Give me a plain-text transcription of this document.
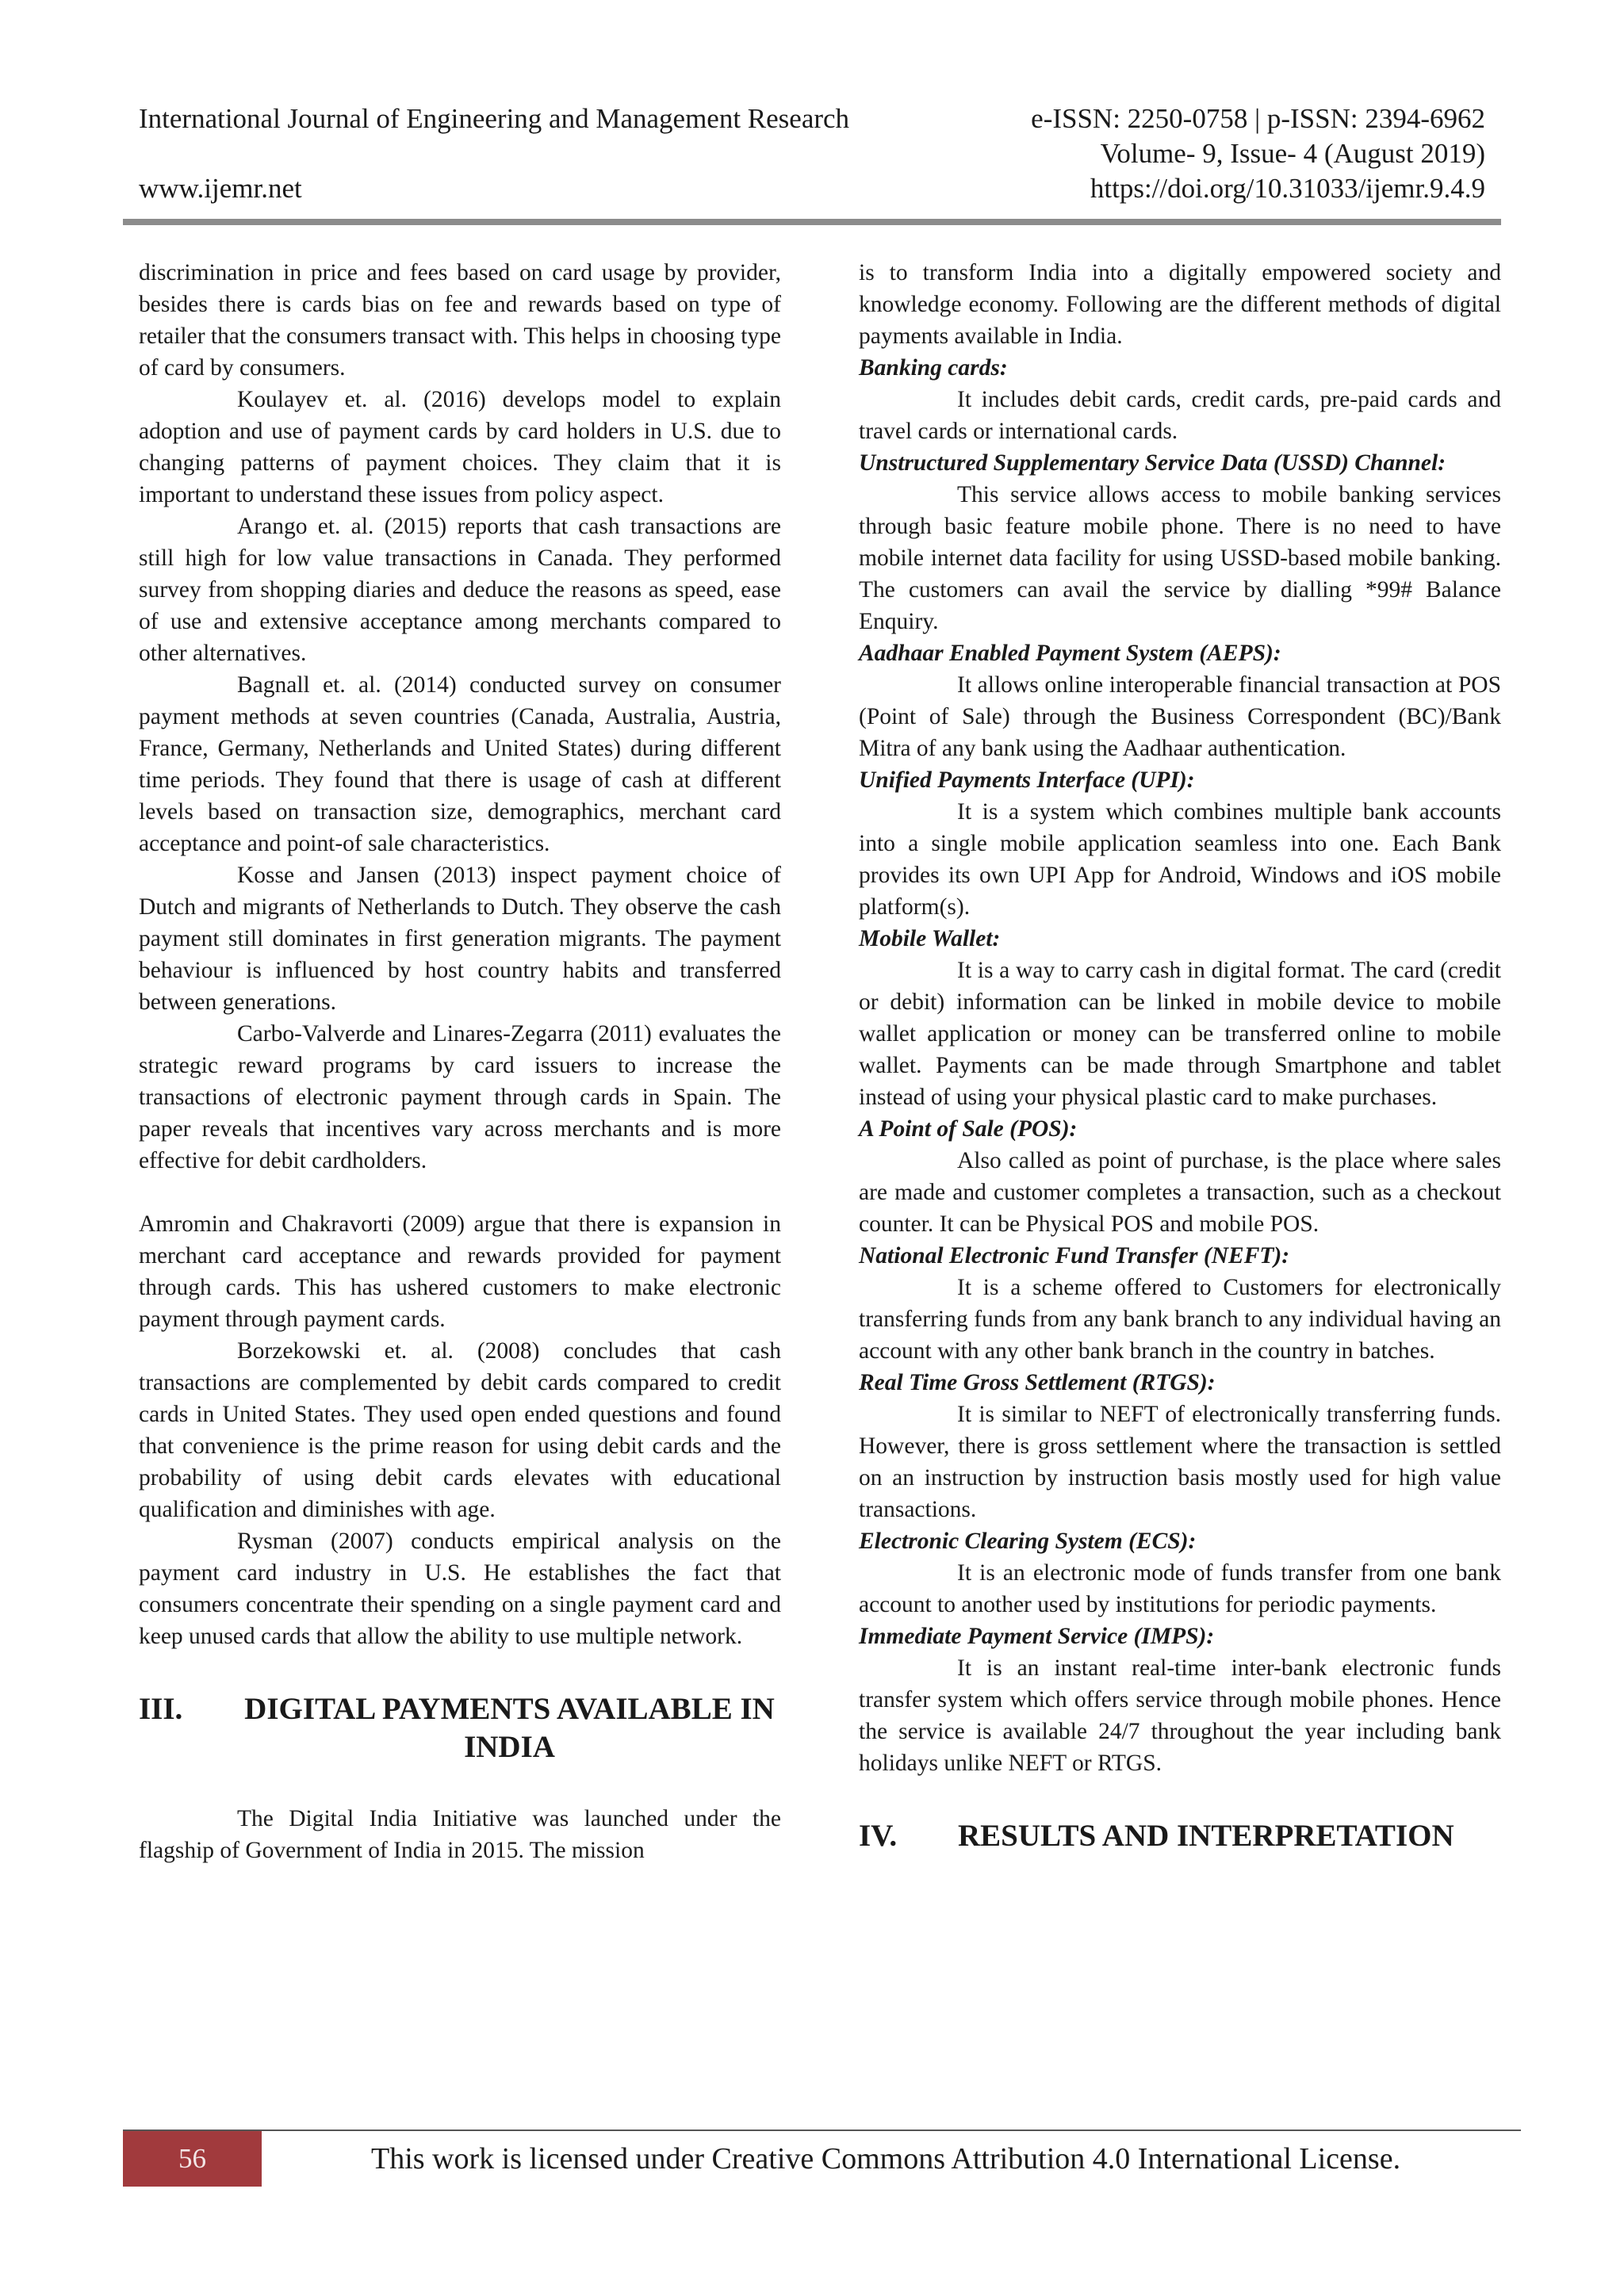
International Journal of Engineering and Management Research	e-ISSN: 2250-0758 | p-ISSN: 2394-6962
Volume- 9, Issue- 4 (August 2019)
www.ijemr.net	https://doi.org/10.31033/ijemr.9.4.9

discrimination in price and fees based on card usage by provider, besides there is cards bias on fee and rewards based on type of retailer that the consumers transact with. This helps in choosing type of card by consumers.

Koulayev et. al. (2016) develops model to explain adoption and use of payment cards by card holders in U.S. due to changing patterns of payment choices. They claim that it is important to understand these issues from policy aspect.

Arango et. al. (2015) reports that cash transactions are still high for low value transactions in Canada. They performed survey from shopping diaries and deduce the reasons as speed, ease of use and extensive acceptance among merchants compared to other alternatives.

Bagnall et. al. (2014) conducted survey on consumer payment methods at seven countries (Canada, Australia, Austria, France, Germany, Netherlands and United States) during different time periods. They found that there is usage of cash at different levels based on transaction size, demographics, merchant card acceptance and point-of sale characteristics.

Kosse and Jansen (2013) inspect payment choice of Dutch and migrants of Netherlands to Dutch. They observe the cash payment still dominates in first generation migrants. The payment behaviour is influenced by host country habits and transferred between generations.

Carbo-Valverde and Linares-Zegarra (2011) evaluates the strategic reward programs by card issuers to increase the transactions of electronic payment through cards in Spain. The paper reveals that incentives vary across merchants and is more effective for debit cardholders.

Amromin and Chakravorti (2009) argue that there is expansion in merchant card acceptance and rewards provided for payment through cards. This has ushered customers to make electronic payment through payment cards.

Borzekowski et. al. (2008) concludes that cash transactions are complemented by debit cards compared to credit cards in United States. They used open ended questions and found that convenience is the prime reason for using debit cards and the probability of using debit cards elevates with educational qualification and diminishes with age.

Rysman (2007) conducts empirical analysis on the payment card industry in U.S. He establishes the fact that consumers concentrate their spending on a single payment card and keep unused cards that allow the ability to use multiple network.

III.	DIGITAL PAYMENTS AVAILABLE IN INDIA

The Digital India Initiative was launched under the flagship of Government of India in 2015. The mission

is to transform India into a digitally empowered society and knowledge economy. Following are the different methods of digital payments available in India.

Banking cards:

It includes debit cards, credit cards, pre-paid cards and travel cards or international cards.

Unstructured Supplementary Service Data (USSD) Channel:

This service allows access to mobile banking services through basic feature mobile phone. There is no need to have mobile internet data facility for using USSD-based mobile banking. The customers can avail the service by dialling *99# Balance Enquiry.

Aadhaar Enabled Payment System (AEPS):

It allows online interoperable financial transaction at POS (Point of Sale) through the Business Correspondent (BC)/Bank Mitra of any bank using the Aadhaar authentication.

Unified Payments Interface (UPI):

It is a system which combines multiple bank accounts into a single mobile application seamless into one. Each Bank provides its own UPI App for Android, Windows and iOS mobile platform(s).

Mobile Wallet:

It is a way to carry cash in digital format. The card (credit or debit) information can be linked in mobile device to mobile wallet application or money can be transferred online to mobile wallet. Payments can be made through Smartphone and tablet instead of using your physical plastic card to make purchases.

A Point of Sale (POS):

Also called as point of purchase, is the place where sales are made and customer completes a transaction, such as a checkout counter. It can be Physical POS and mobile POS.

National Electronic Fund Transfer (NEFT):

It is a scheme offered to Customers for electronically transferring funds from any bank branch to any individual having an account with any other bank branch in the country in batches.

Real Time Gross Settlement (RTGS):

It is similar to NEFT of electronically transferring funds. However, there is gross settlement where the transaction is settled on an instruction by instruction basis mostly used for high value transactions.

Electronic Clearing System (ECS):

It is an electronic mode of funds transfer from one bank account to another used by institutions for periodic payments.

Immediate Payment Service (IMPS):

It is an instant real-time inter-bank electronic funds transfer system which offers service through mobile phones. Hence the service is available 24/7 throughout the year including bank holidays unlike NEFT or RTGS.

IV.	RESULTS AND INTERPRETATION
56	This work is licensed under Creative Commons Attribution 4.0 International License.
